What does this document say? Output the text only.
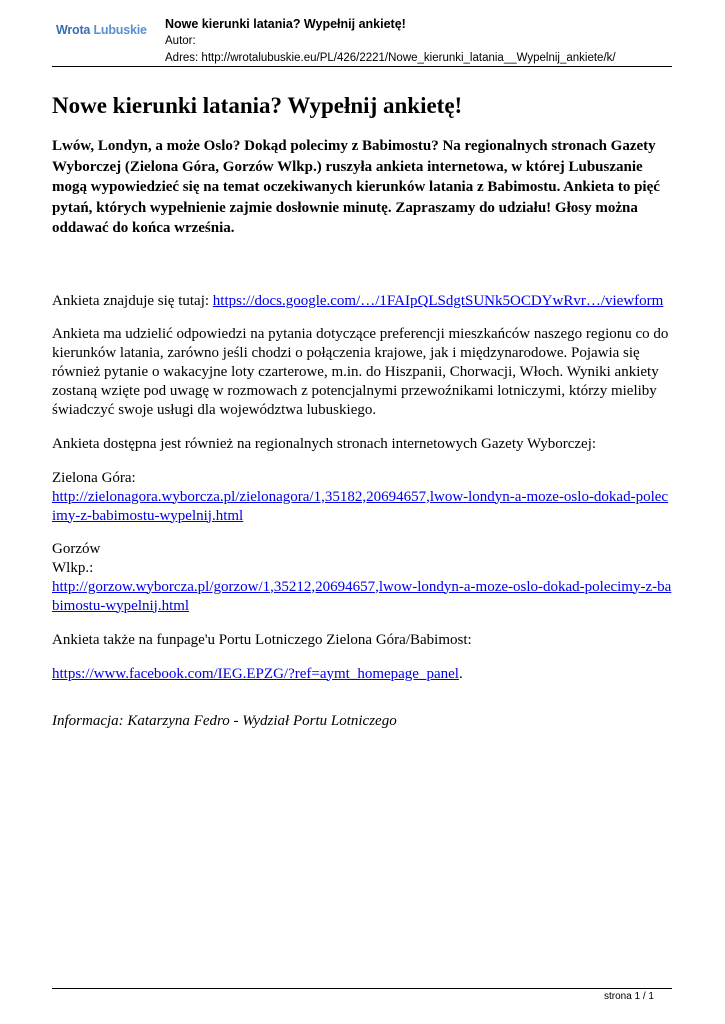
Wrota Lubuskie Nowe kierunki latania? Wypełnij ankietę!
Autor:
Adres: http://wrotalubuskie.eu/PL/426/2221/Nowe_kierunki_latania__Wypelnij_ankiete/k/
Nowe kierunki latania? Wypełnij ankietę!

Lwów, Londyn, a może Oslo? Dokąd polecimy z Babimostu? Na regionalnych stronach Gazety Wyborczej (Zielona Góra, Gorzów Wlkp.) ruszyła ankieta internetowa, w której Lubuszanie mogą wypowiedzieć się na temat oczekiwanych kierunków latania z Babimostu. Ankieta to pięć pytań, których wypełnienie zajmie dosłownie minutę. Zapraszamy do udziału! Głosy można oddawać do końca września.

Ankieta znajduje się tutaj: https://docs.google.com/…/1FAIpQLSdgtSUNk5OCDYwRvr…/viewform

Ankieta ma udzielić odpowiedzi na pytania dotyczące preferencji mieszkańców naszego regionu co do kierunków latania, zarówno jeśli chodzi o połączenia krajowe, jak i międzynarodowe. Pojawia się również pytanie o wakacyjne loty czarterowe, m.in. do Hiszpanii, Chorwacji, Włoch. Wyniki ankiety zostaną wzięte pod uwagę w rozmowach z potencjalnymi przewoźnikami lotniczymi, którzy mieliby świadczyć swoje usługi dla województwa lubuskiego.

Ankieta dostępna jest również na regionalnych stronach internetowych Gazety Wyborczej:

Zielona Góra:
http://zielonagora.wyborcza.pl/zielonagora/1,35182,20694657,lwow-londyn-a-moze-oslo-dokad-polecimy-z-babimostu-wypelnij.html

Gorzów
Wlkp.:
http://gorzow.wyborcza.pl/gorzow/1,35212,20694657,lwow-londyn-a-moze-oslo-dokad-polecimy-z-babimostu-wypelnij.html

Ankieta także na funpage'u Portu Lotniczego Zielona Góra/Babimost:

https://www.facebook.com/IEG.EPZG/?ref=aymt_homepage_panel.

Informacja: Katarzyna Fedro - Wydział Portu Lotniczego

strona 1 / 1
